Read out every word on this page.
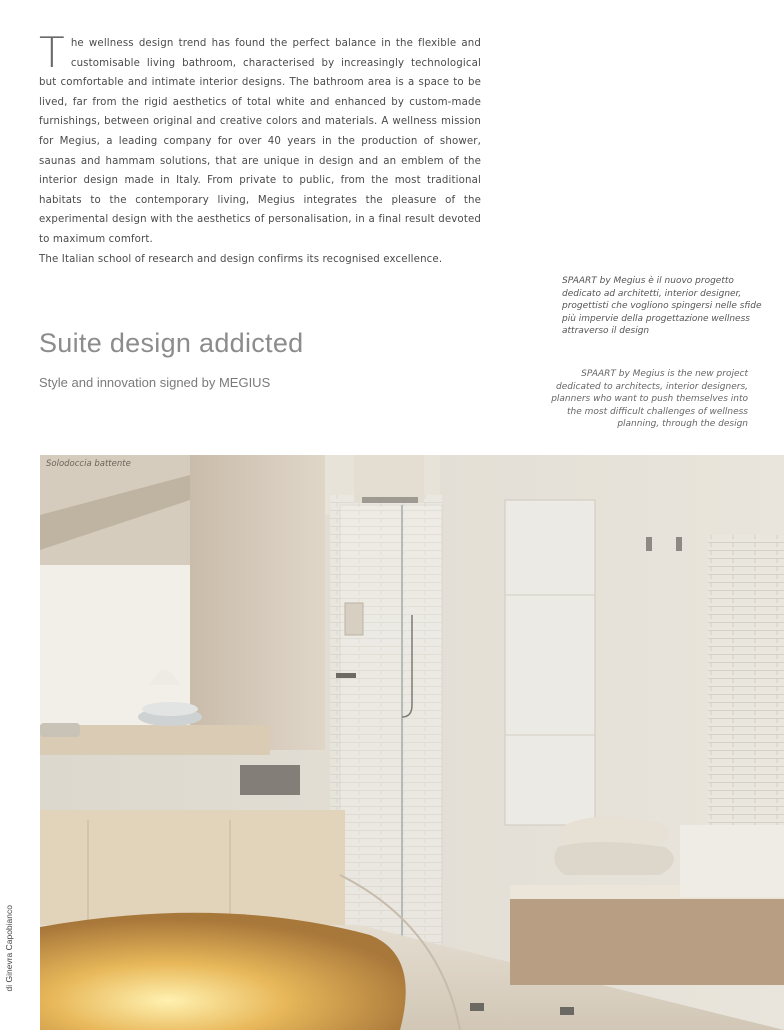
The wellness design trend has found the perfect balance in the flexible and customisable living bathroom, characterised by increasingly technological but comfortable and intimate interior designs. The bathroom area is a space to be lived, far from the rigid aesthetics of total white and enhanced by custom-made furnishings, between original and creative colors and materials. A wellness mission for Megius, a leading company for over 40 years in the production of shower, saunas and hammam solutions, that are unique in design and an emblem of the interior design made in Italy. From private to public, from the most traditional habitats to the contemporary living, Megius integrates the pleasure of the experimental design with the aesthetics of personalisation, in a final result devoted to maximum comfort.

The Italian school of research and design confirms its recognised excellence.

SPAART by Megius è il nuovo progetto dedicato ad architetti, interior designer, progettisti che vogliono spingersi nelle sfide più impervie della progettazione wellness attraverso il design

Suite design addicted

Style and innovation signed by MEGIUS

SPAART by Megius is the new project dedicated to architects, interior designers, planners who want to push themselves into the most difficult challenges of wellness planning, through the design

Solodoccia battente

di Ginevra Capobianco
